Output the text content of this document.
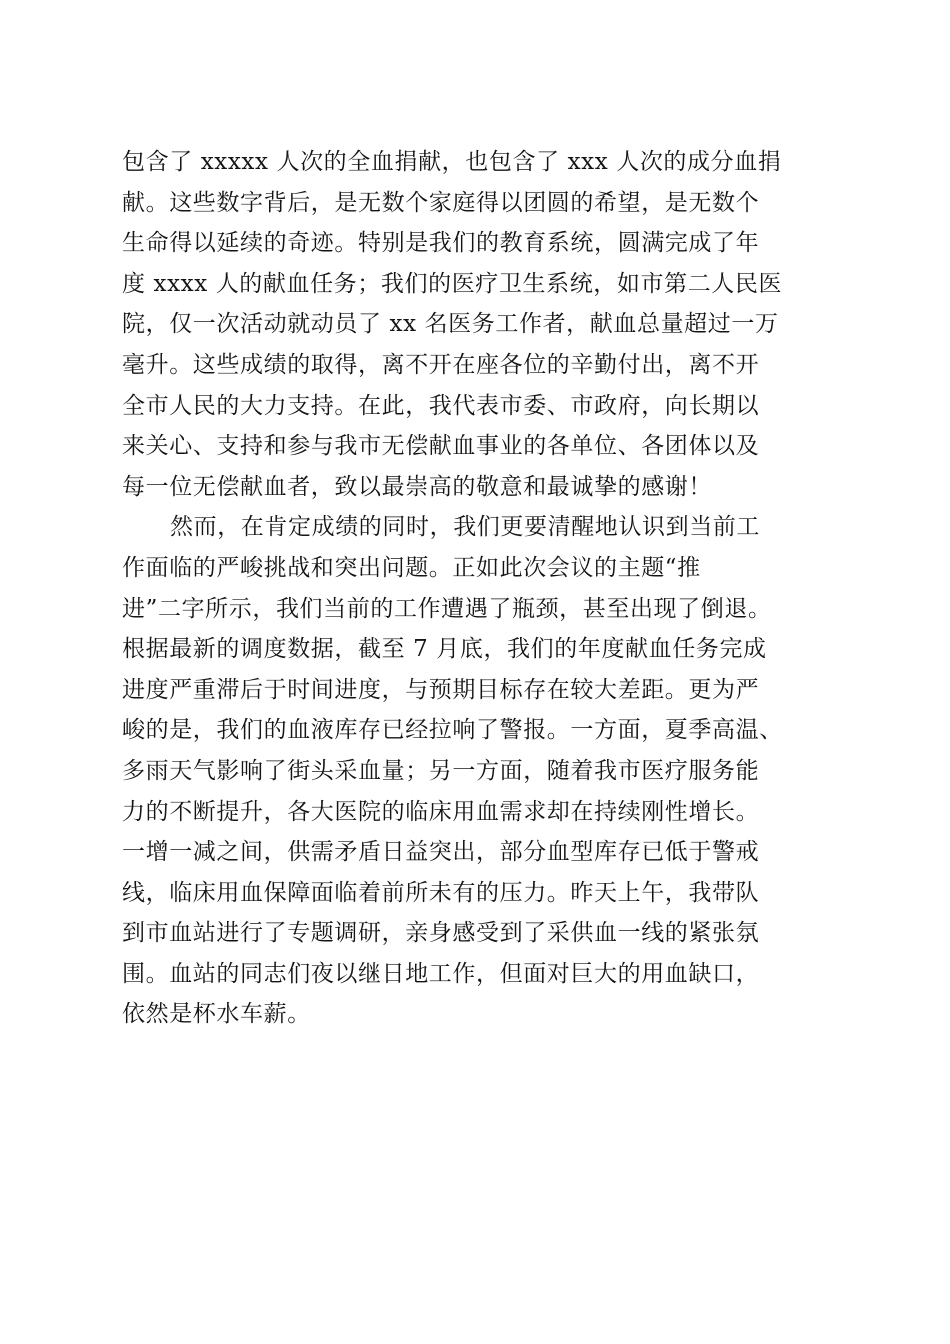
包含了 xxxxx 人次的全血捐献，也包含了 xxx 人次的成分血捐
献。这些数字背后，是无数个家庭得以团圆的希望，是无数个
生命得以延续的奇迹。特别是我们的教育系统，圆满完成了年
度 xxxx 人的献血任务；我们的医疗卫生系统，如市第二人民医
院，仅一次活动就动员了 xx 名医务工作者，献血总量超过一万
毫升。这些成绩的取得，离不开在座各位的辛勤付出，离不开
全市人民的大力支持。在此，我代表市委、市政府，向长期以
来关心、支持和参与我市无偿献血事业的各单位、各团体以及
每一位无偿献血者，致以最崇高的敬意和最诚挚的感谢！
然而，在肯定成绩的同时，我们更要清醒地认识到当前工
作面临的严峻挑战和突出问题。正如此次会议的主题“推
进”二字所示，我们当前的工作遭遇了瓶颈，甚至出现了倒退。
根据最新的调度数据，截至 7 月底，我们的年度献血任务完成
进度严重滞后于时间进度，与预期目标存在较大差距。更为严
峻的是，我们的血液库存已经拉响了警报。一方面，夏季高温、
多雨天气影响了街头采血量；另一方面，随着我市医疗服务能
力的不断提升，各大医院的临床用血需求却在持续刚性增长。
一增一减之间，供需矛盾日益突出，部分血型库存已低于警戒
线，临床用血保障面临着前所未有的压力。昨天上午，我带队
到市血站进行了专题调研，亲身感受到了采供血一线的紧张氛
围。血站的同志们夜以继日地工作，但面对巨大的用血缺口，
依然是杯水车薪。
